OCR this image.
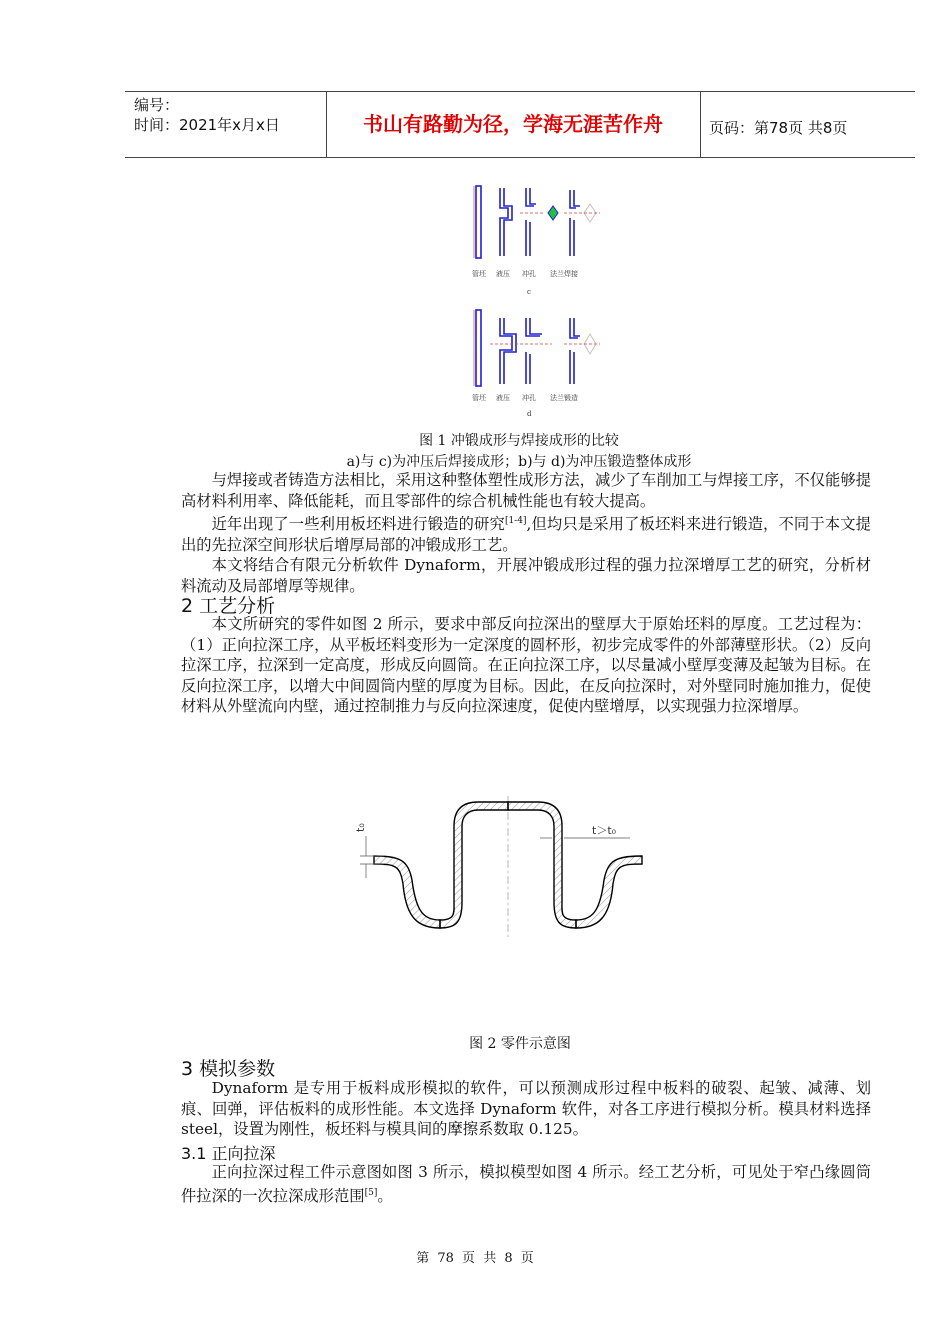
编号：
时间：2021年x月x日	书山有路勤为径，学海无涯苦作舟	页码：第78页 共8页
管坯 液压 冲孔 法兰焊接
c
管坯 液压 冲孔 法兰锻造
d
图 1 冲锻成形与焊接成形的比较
a)与 c)为冲压后焊接成形；b)与 d)为冲压锻造整体成形

与焊接或者铸造方法相比，采用这种整体塑性成形方法，减少了车削加工与焊接工序，不仅能够提高材料利用率、降低能耗，而且零部件的综合机械性能也有较大提高。

近年出现了一些利用板坯料进行锻造的研究[1-4],但均只是采用了板坯料来进行锻造，不同于本文提出的先拉深空间形状后增厚局部的冲锻成形工艺。

本文将结合有限元分析软件 Dynaform，开展冲锻成形过程的强力拉深增厚工艺的研究，分析材料流动及局部增厚等规律。

2 工艺分析

本文所研究的零件如图 2 所示，要求中部反向拉深出的壁厚大于原始坯料的厚度。工艺过程为：（1）正向拉深工序，从平板坯料变形为一定深度的圆杯形，初步完成零件的外部薄壁形状。（2）反向拉深工序，拉深到一定高度，形成反向圆筒。在正向拉深工序，以尽量减小壁厚变薄及起皱为目标。在反向拉深工序，以增大中间圆筒内壁的厚度为目标。因此，在反向拉深时，对外壁同时施加推力，促使材料从外壁流向内壁，通过控制推力与反向拉深速度，促使内壁增厚，以实现强力拉深增厚。

t₀	t＞t₀
图 2 零件示意图
3 模拟参数

Dynaform 是专用于板料成形模拟的软件，可以预测成形过程中板料的破裂、起皱、减薄、划痕、回弹，评估板料的成形性能。本文选择 Dynaform 软件，对各工序进行模拟分析。模具材料选择 steel，设置为刚性，板坯料与模具间的摩擦系数取 0.125。

3.1 正向拉深

正向拉深过程工件示意图如图 3 所示，模拟模型如图 4 所示。经工艺分析，可见处于窄凸缘圆筒件拉深的一次拉深成形范围[5]。

第 78 页 共 8 页
